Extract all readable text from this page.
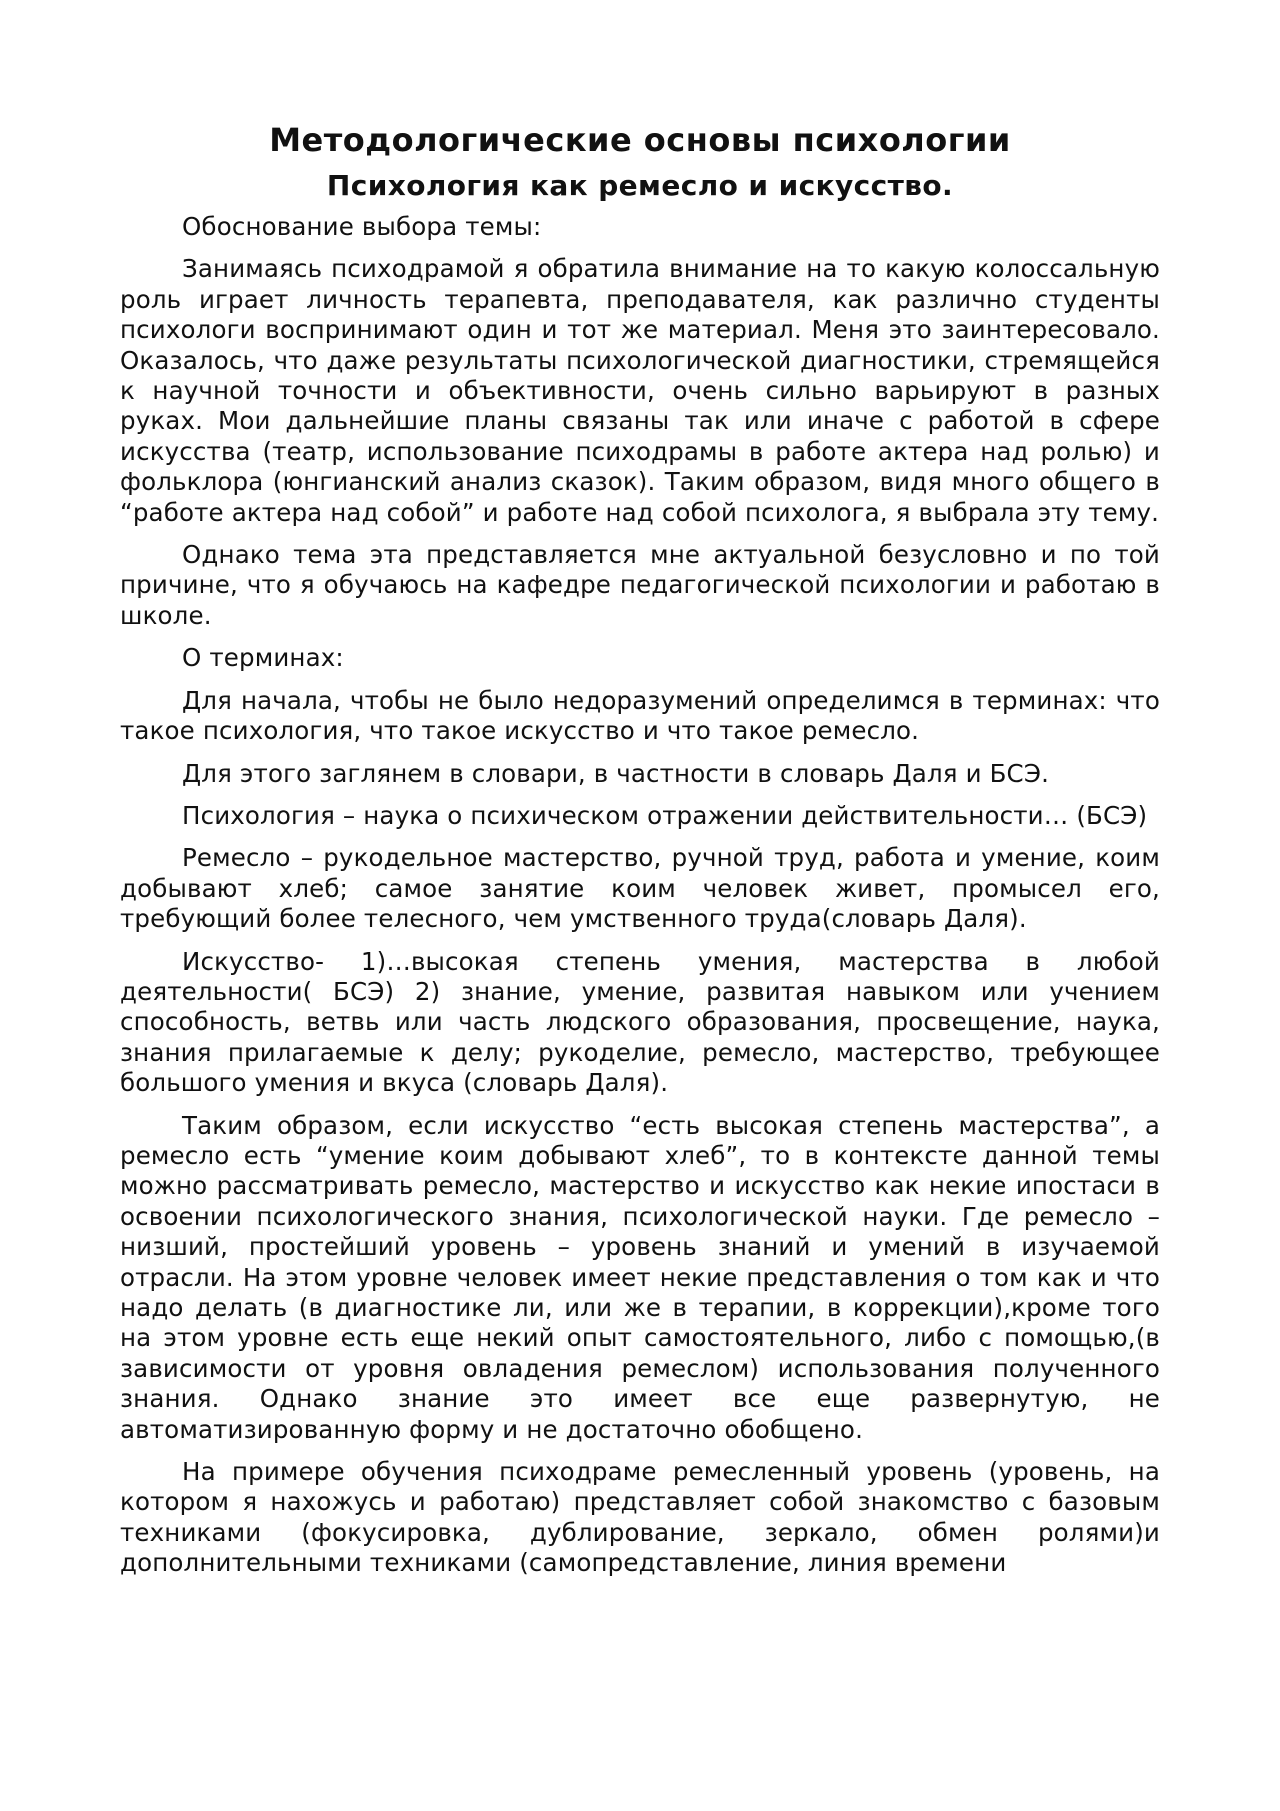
Методологические основы психологии
Психология как ремесло и искусство.

Обоснование выбора темы:

Занимаясь психодрамой я обратила внимание на то какую колоссальную роль играет личность терапевта, преподавателя, как различно студенты психологи воспринимают один и тот же материал. Меня это заинтересовало. Оказалось, что даже результаты психологической диагностики, стремящейся к научной точности и объективности, очень сильно варьируют в разных руках. Мои дальнейшие планы связаны так или иначе с работой в сфере искусства (театр, использование психодрамы в работе актера над ролью) и фольклора (юнгианский анализ сказок). Таким образом, видя много общего в “работе актера над собой” и работе над собой психолога, я выбрала эту тему.

Однако тема эта представляется мне актуальной безусловно и по той причине, что я обучаюсь на кафедре педагогической психологии и работаю в школе.

О терминах:

Для начала, чтобы не было недоразумений определимся в терминах: что такое психология, что такое искусство и что такое ремесло.

Для этого заглянем в словари, в частности в словарь Даля и БСЭ.

Психология – наука о психическом отражении действительности… (БСЭ)

Ремесло – рукодельное мастерство, ручной труд, работа и умение, коим добывают хлеб; самое занятие коим человек живет, промысел его, требующий более телесного, чем умственного труда(словарь Даля).

Искусство- 1)…высокая степень умения, мастерства в любой деятельности( БСЭ) 2) знание, умение, развитая навыком или учением способность, ветвь или часть людского образования, просвещение, наука, знания прилагаемые к делу; рукоделие, ремесло, мастерство, требующее большого умения и вкуса (словарь Даля).

Таким образом, если искусство “есть высокая степень мастерства”, а ремесло есть “умение коим добывают хлеб”, то в контексте данной темы можно рассматривать ремесло, мастерство и искусство как некие ипостаси в освоении психологического знания, психологической науки. Где ремесло – низший, простейший уровень – уровень знаний и умений в изучаемой отрасли. На этом уровне человек имеет некие представления о том как и что надо делать (в диагностике ли, или же в терапии, в коррекции),кроме того на этом уровне есть еще некий опыт самостоятельного, либо с помощью,(в зависимости от уровня овладения ремеслом) использования полученного знания. Однако знание это имеет все еще развернутую, не автоматизированную форму и не достаточно обобщено.

На примере обучения психодраме ремесленный уровень (уровень, на котором я нахожусь и работаю) представляет собой знакомство с базовым техниками (фокусировка, дублирование, зеркало, обмен ролями)и дополнительными техниками (самопредставление, линия времени
